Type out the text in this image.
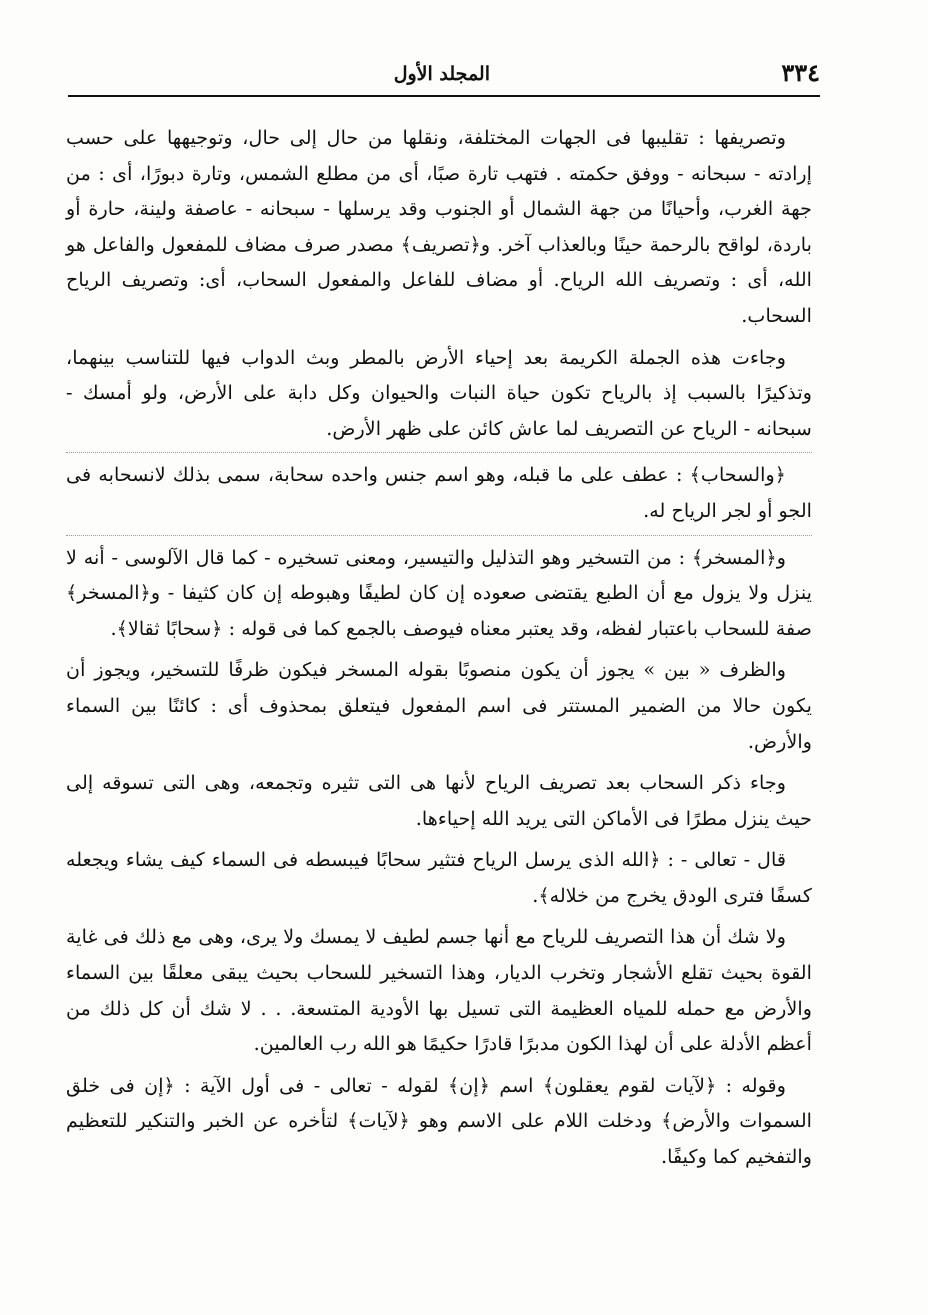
٣٣٤
المجلد الأول

وتصريفها : تقليبها فى الجهات المختلفة، ونقلها من حال إلى حال، وتوجيهها على حسب إرادته - سبحانه - ووفق حكمته . فتهب تارة صبًا، أى من مطلع الشمس، وتارة دبورًا، أى : من جهة الغرب، وأحيانًا من جهة الشمال أو الجنوب وقد يرسلها - سبحانه - عاصفة ولينة، حارة أو باردة، لواقح بالرحمة حينًا وبالعذاب آخر. و﴿تصريف﴾ مصدر صرف مضاف للمفعول والفاعل هو الله، أى : وتصريف الله الرياح. أو مضاف للفاعل والمفعول السحاب، أى: وتصريف الرياح السحاب.

وجاءت هذه الجملة الكريمة بعد إحياء الأرض بالمطر وبث الدواب فيها للتناسب بينهما، وتذكيرًا بالسبب إذ بالرياح تكون حياة النبات والحيوان وكل دابة على الأرض، ولو أمسك - سبحانه - الرياح عن التصريف لما عاش كائن على ظهر الأرض.

﴿والسحاب﴾ : عطف على ما قبله، وهو اسم جنس واحده سحابة، سمى بذلك لانسحابه فى الجو أو لجر الرياح له.

و﴿المسخر﴾ : من التسخير وهو التذليل والتيسير، ومعنى تسخيره - كما قال الآلوسى - أنه لا ينزل ولا يزول مع أن الطبع يقتضى صعوده إن كان لطيفًا وهبوطه إن كان كثيفا - و﴿المسخر﴾ صفة للسحاب باعتبار لفظه، وقد يعتبر معناه فيوصف بالجمع كما فى قوله : ﴿سحابًا ثقالا﴾.

والظرف « بين » يجوز أن يكون منصوبًا بقوله المسخر فيكون ظرفًا للتسخير، ويجوز أن يكون حالا من الضمير المستتر فى اسم المفعول فيتعلق بمحذوف أى : كائنًا بين السماء والأرض.

وجاء ذكر السحاب بعد تصريف الرياح لأنها هى التى تثيره وتجمعه، وهى التى تسوقه إلى حيث ينزل مطرًا فى الأماكن التى يريد الله إحياءها.

قال - تعالى - : ﴿الله الذى يرسل الرياح فتثير سحابًا فيبسطه فى السماء كيف يشاء ويجعله كسفًا فترى الودق يخرج من خلاله﴾.

ولا شك أن هذا التصريف للرياح مع أنها جسم لطيف لا يمسك ولا يرى، وهى مع ذلك فى غاية القوة بحيث تقلع الأشجار وتخرب الديار، وهذا التسخير للسحاب بحيث يبقى معلقًا بين السماء والأرض مع حمله للمياه العظيمة التى تسيل بها الأودية المتسعة. . . لا شك أن كل ذلك من أعظم الأدلة على أن لهذا الكون مدبرًا قادرًا حكيمًا هو الله رب العالمين.

وقوله : ﴿لآيات لقوم يعقلون﴾ اسم ﴿إن﴾ لقوله - تعالى - فى أول الآية : ﴿إن فى خلق السموات والأرض﴾ ودخلت اللام على الاسم وهو ﴿لآيات﴾ لتأخره عن الخبر والتنكير للتعظيم والتفخيم كما وكيفًا.
